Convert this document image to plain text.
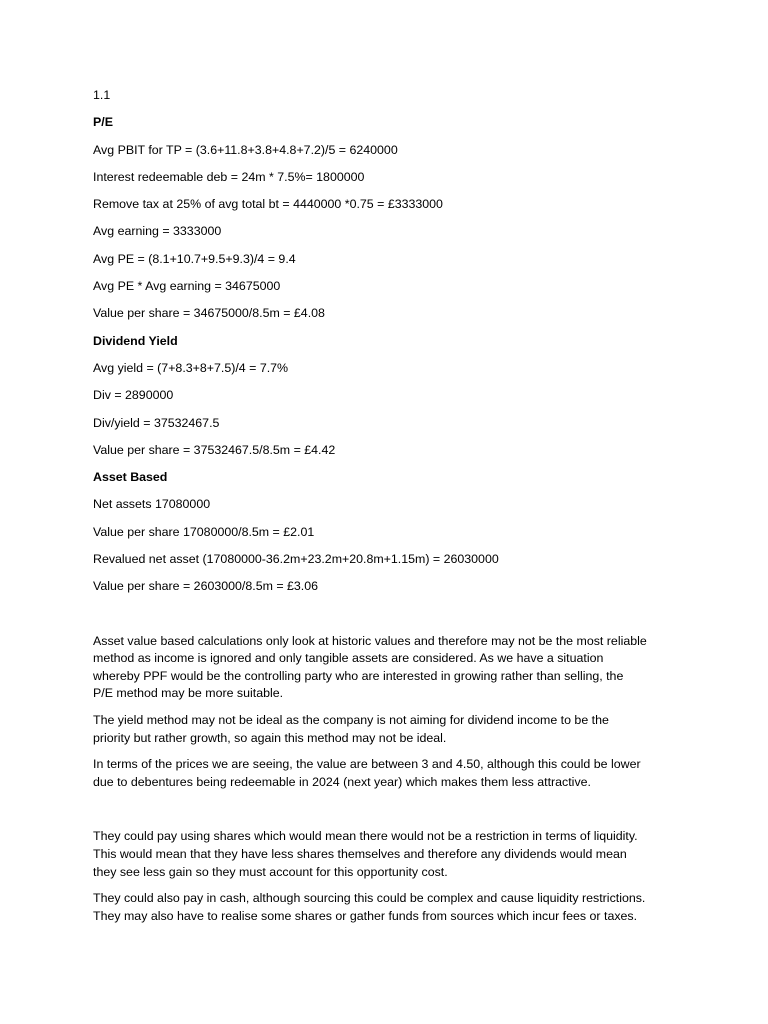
1.1
P/E
Avg PBIT for TP = (3.6+11.8+3.8+4.8+7.2)/5 = 6240000
Interest redeemable deb = 24m * 7.5%= 1800000
Remove tax at 25% of avg total bt = 4440000 *0.75 = £3333000
Avg earning = 3333000
Avg PE = (8.1+10.7+9.5+9.3)/4 = 9.4
Avg PE * Avg earning = 34675000
Value per share = 34675000/8.5m = £4.08
Dividend Yield
Avg yield = (7+8.3+8+7.5)/4 = 7.7%
Div = 2890000
Div/yield = 37532467.5
Value per share = 37532467.5/8.5m = £4.42
Asset Based
Net assets 17080000
Value per share 17080000/8.5m = £2.01
Revalued net asset (17080000-36.2m+23.2m+20.8m+1.15m) = 26030000
Value per share = 2603000/8.5m = £3.06

Asset value based calculations only look at historic values and therefore may not be the most reliable
method as income is ignored and only tangible assets are considered. As we have a situation
whereby PPF would be the controlling party who are interested in growing rather than selling, the
P/E method may be more suitable.

The yield method may not be ideal as the company is not aiming for dividend income to be the
priority but rather growth, so again this method may not be ideal.

In terms of the prices we are seeing, the value are between 3 and 4.50, although this could be lower
due to debentures being redeemable in 2024 (next year) which makes them less attractive.

They could pay using shares which would mean there would not be a restriction in terms of liquidity.
This would mean that they have less shares themselves and therefore any dividends would mean
they see less gain so they must account for this opportunity cost.

They could also pay in cash, although sourcing this could be complex and cause liquidity restrictions.
They may also have to realise some shares or gather funds from sources which incur fees or taxes.
